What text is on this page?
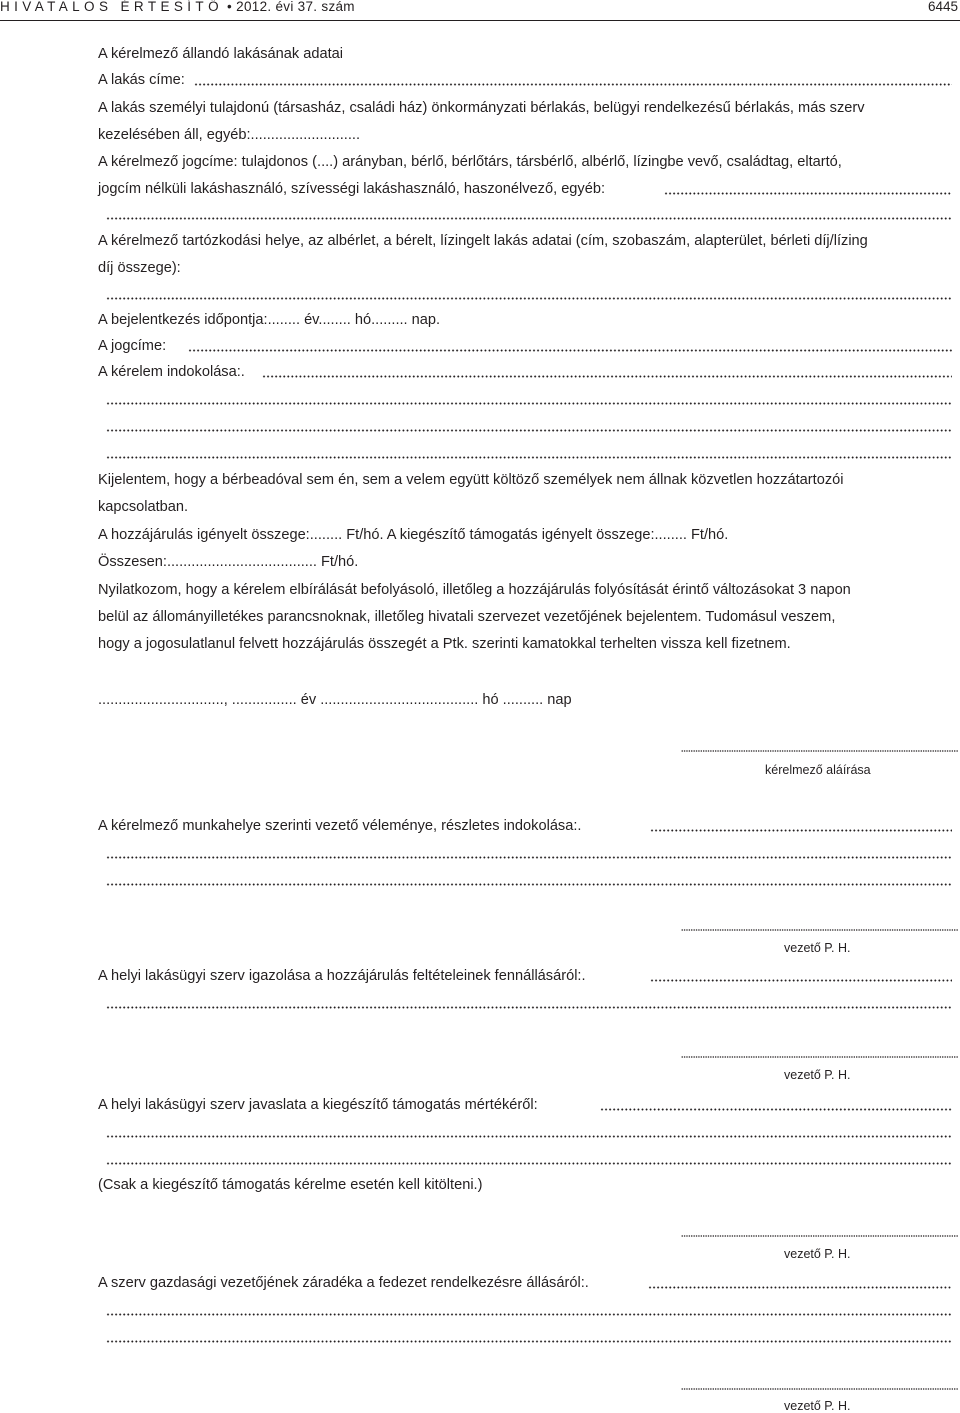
HIVATALOS ÉRTESÍTŐ • 2012. évi 37. szám	6445
A kérelmező állandó lakásának adatai
A lakás címe:
A lakás személyi tulajdonú (társasház, családi ház) önkormányzati bérlakás, belügyi rendelkezésű bérlakás, más szerv
kezelésében áll, egyéb:...........................
A kérelmező jogcíme: tulajdonos (....) arányban, bérlő, bérlőtárs, társbérlő, albérlő, lízingbe vevő, családtag, eltartó,
jogcím nélküli lakáshasználó, szívességi lakáshasználó, haszonélvező, egyéb:
A kérelmező tartózkodási helye, az albérlet, a bérelt, lízingelt lakás adatai (cím, szobaszám, alapterület, bérleti díj/lízing
díj összege):
A bejelentkezés időpontja:........ év........ hó......... nap.
A jogcíme:
A kérelem indokolása:.
Kijelentem, hogy a bérbeadóval sem én, sem a velem együtt költöző személyek nem állnak közvetlen hozzátartozói
kapcsolatban.
A hozzájárulás igényelt összege:........ Ft/hó. A kiegészítő támogatás igényelt összege:........ Ft/hó.
Összesen:..................................... Ft/hó.
Nyilatkozom, hogy a kérelem elbírálását befolyásoló, illetőleg a hozzájárulás folyósítását érintő változásokat 3 napon
belül az állományilletékes parancsnoknak, illetőleg hivatali szervezet vezetőjének bejelentem. Tudomásul veszem,
hogy a jogosulatlanul felvett hozzájárulás összegét a Ptk. szerinti kamatokkal terhelten vissza kell fizetnem.
..............................., ................ év ....................................... hó .......... nap
kérelmező aláírása
A kérelmező munkahelye szerinti vezető véleménye, részletes indokolása:.
vezető P. H.
A helyi lakásügyi szerv igazolása a hozzájárulás feltételeinek fennállásáról:.
vezető P. H.
A helyi lakásügyi szerv javaslata a kiegészítő támogatás mértékéről:
(Csak a kiegészítő támogatás kérelme esetén kell kitölteni.)
vezető P. H.
A szerv gazdasági vezetőjének záradéka a fedezet rendelkezésre állásáról:.
vezető P. H.
